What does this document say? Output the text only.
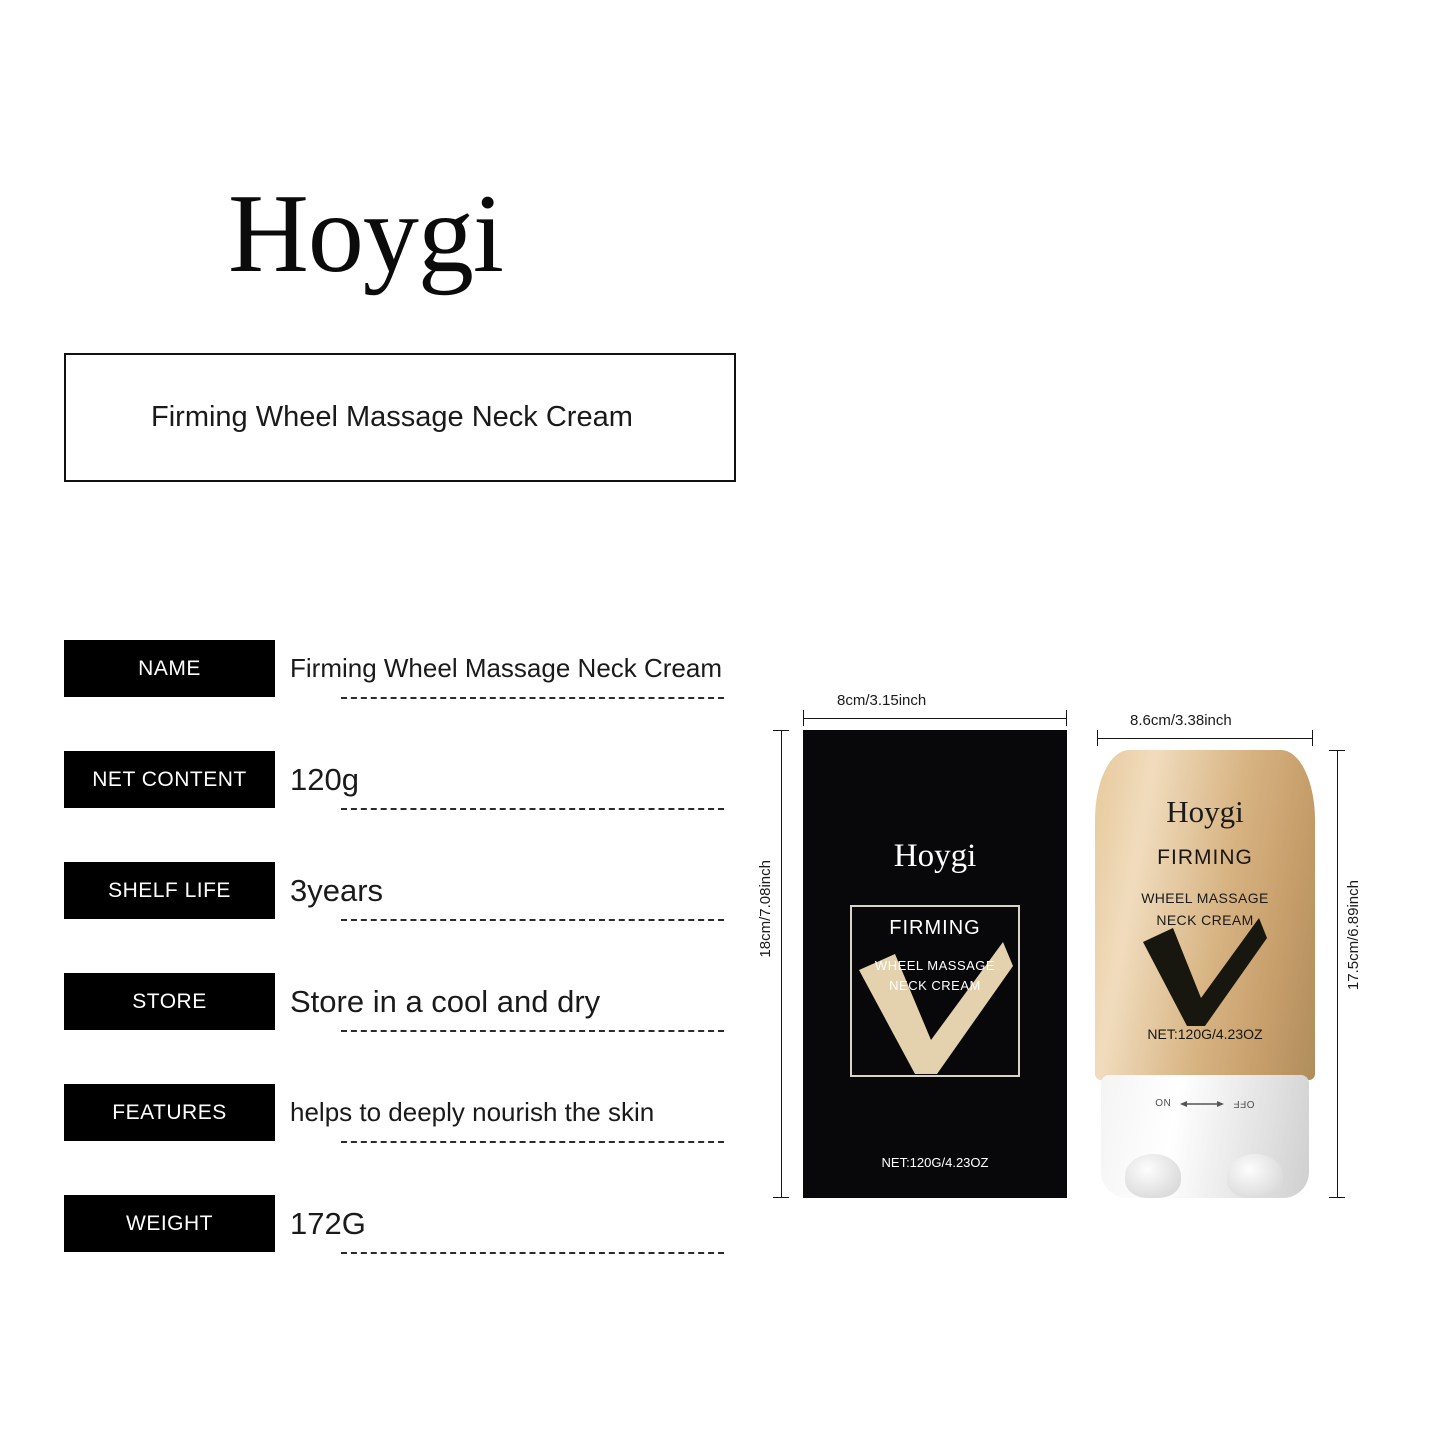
Hoygi
Firming Wheel Massage Neck Cream
NAME	Firming Wheel Massage Neck Cream
NET CONTENT	120g
SHELF LIFE	3years
STORE	Store in a cool and dry
FEATURES	helps to deeply nourish the skin
WEIGHT	172G
8cm/3.15inch
18cm/7.08inch
Hoygi
FIRMING
WHEEL MASSAGE
NECK CREAM
NET:120G/4.23OZ
8.6cm/3.38inch
17.5cm/6.89inch
Hoygi
FIRMING
WHEEL MASSAGE
NECK CREAM
NET:120G/4.23OZ
ON	OFF
